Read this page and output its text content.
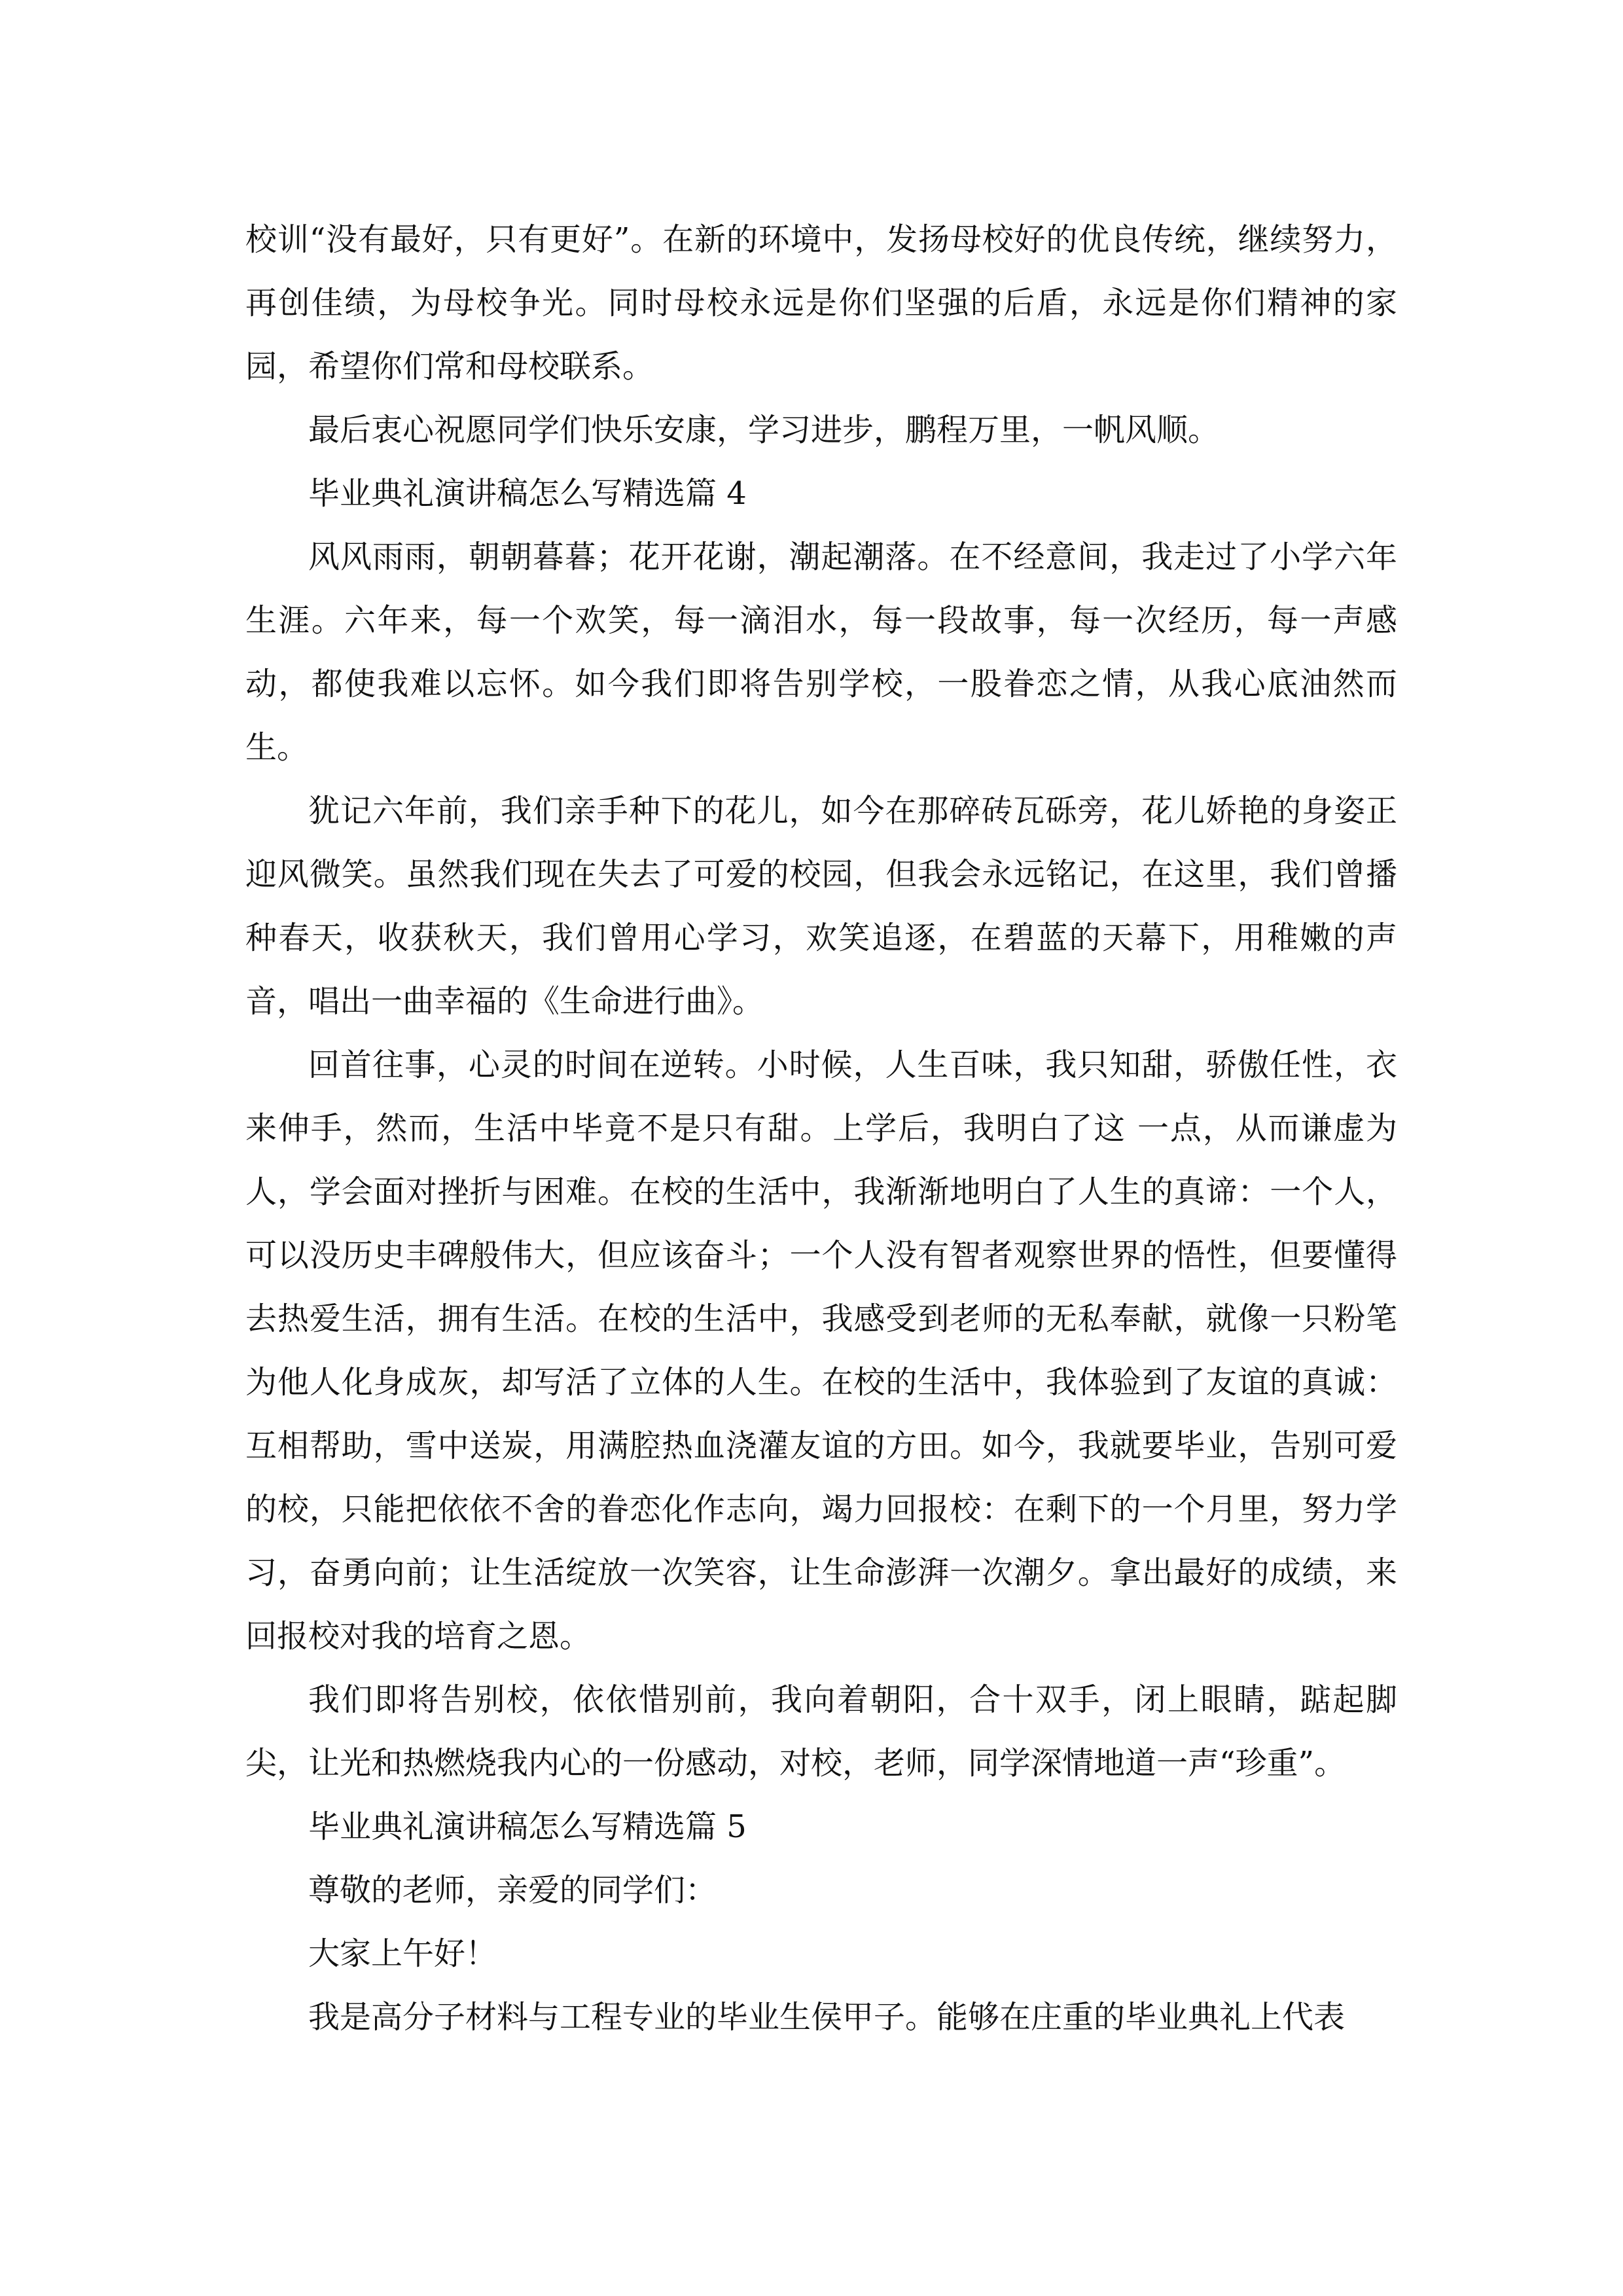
校训“没有最好，只有更好”。在新的环境中，发扬母校好的优良传统，继续努力，再创佳绩，为母校争光。同时母校永远是你们坚强的后盾，永远是你们精神的家园，希望你们常和母校联系。

最后衷心祝愿同学们快乐安康，学习进步，鹏程万里，一帆风顺。

毕业典礼演讲稿怎么写精选篇 4

风风雨雨，朝朝暮暮；花开花谢，潮起潮落。在不经意间，我走过了小学六年生涯。六年来，每一个欢笑，每一滴泪水，每一段故事，每一次经历，每一声感动，都使我难以忘怀。如今我们即将告别学校，一股眷恋之情，从我心底油然而生。

犹记六年前，我们亲手种下的花儿，如今在那碎砖瓦砾旁，花儿娇艳的身姿正迎风微笑。虽然我们现在失去了可爱的校园，但我会永远铭记，在这里，我们曾播种春天，收获秋天，我们曾用心学习，欢笑追逐，在碧蓝的天幕下，用稚嫩的声音，唱出一曲幸福的《生命进行曲》。

回首往事，心灵的时间在逆转。小时候，人生百味，我只知甜，骄傲任性，衣来伸手，然而，生活中毕竟不是只有甜。上学后，我明白了这 一点，从而谦虚为人，学会面对挫折与困难。在校的生活中，我渐渐地明白了人生的真谛：一个人，可以没历史丰碑般伟大，但应该奋斗；一个人没有智者观察世界的悟性，但要懂得去热爱生活，拥有生活。在校的生活中，我感受到老师的无私奉献，就像一只粉笔为他人化身成灰，却写活了立体的人生。在校的生活中，我体验到了友谊的真诚：互相帮助，雪中送炭，用满腔热血浇灌友谊的方田。如今，我就要毕业，告别可爱的校，只能把依依不舍的眷恋化作志向，竭力回报校：在剩下的一个月里，努力学习，奋勇向前；让生活绽放一次笑容，让生命澎湃一次潮夕。拿出最好的成绩，来回报校对我的培育之恩。

我们即将告别校，依依惜别前，我向着朝阳，合十双手，闭上眼睛，踮起脚尖，让光和热燃烧我内心的一份感动，对校，老师，同学深情地道一声“珍重”。

毕业典礼演讲稿怎么写精选篇 5

尊敬的老师，亲爱的同学们：

大家上午好！

我是高分子材料与工程专业的毕业生侯甲子。能够在庄重的毕业典礼上代表
